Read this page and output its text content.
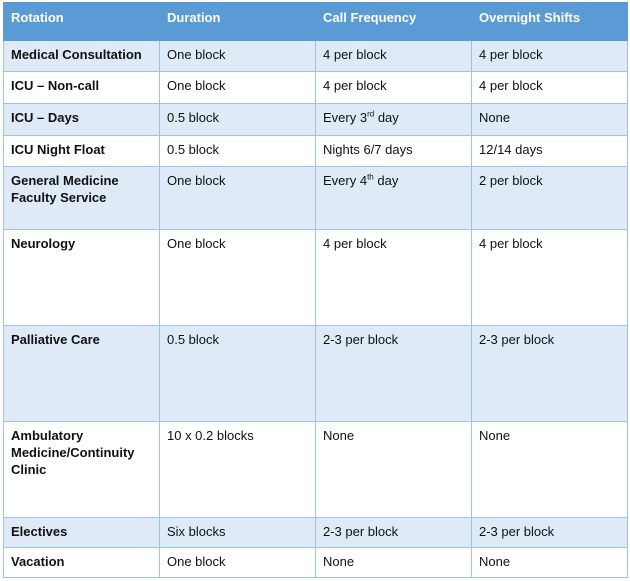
Rotation	Duration	Call Frequency	Overnight Shifts
Medical Consultation	One block	4 per block	4 per block
ICU – Non-call	One block	4 per block	4 per block
ICU – Days	0.5 block	Every 3rd day	None
ICU Night Float	0.5 block	Nights 6/7 days	12/14 days
General Medicine Faculty Service	One block	Every 4th day	2 per block
Neurology	One block	4 per block	4 per block
Palliative Care	0.5 block	2-3 per block	2-3 per block
Ambulatory Medicine/Continuity Clinic	10 x 0.2 blocks	None	None
Electives	Six blocks	2-3 per block	2-3 per block
Vacation	One block	None	None
